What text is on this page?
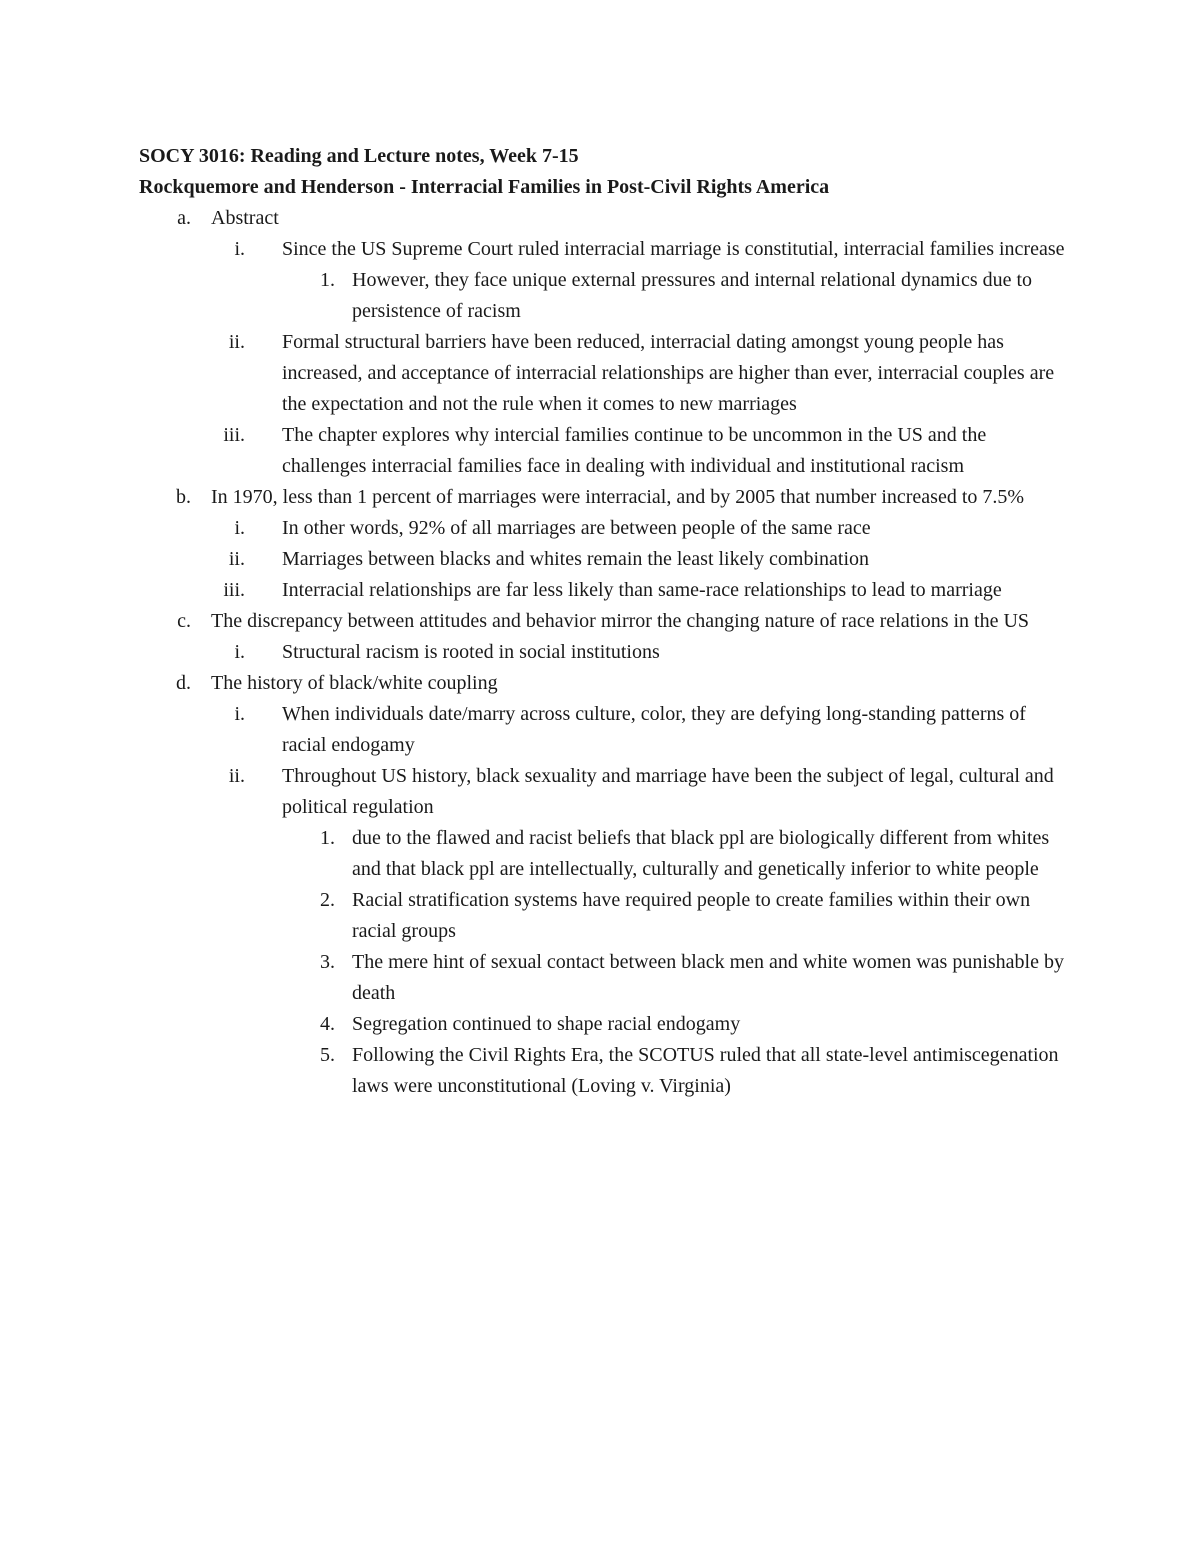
SOCY 3016: Reading and Lecture notes, Week 7-15
Rockquemore and Henderson - Interracial Families in Post-Civil Rights America
a. Abstract
i. Since the US Supreme Court ruled interracial marriage is constitutial, interracial families increase
1. However, they face unique external pressures and internal relational dynamics due to persistence of racism
ii. Formal structural barriers have been reduced, interracial dating amongst young people has increased, and acceptance of interracial relationships are higher than ever, interracial couples are the expectation and not the rule when it comes to new marriages
iii. The chapter explores why intercial families continue to be uncommon in the US and the challenges interracial families face in dealing with individual and institutional racism
b. In 1970, less than 1 percent of marriages were interracial, and by 2005 that number increased to 7.5%
i. In other words, 92% of all marriages are between people of the same race
ii. Marriages between blacks and whites remain the least likely combination
iii. Interracial relationships are far less likely than same-race relationships to lead to marriage
c. The discrepancy between attitudes and behavior mirror the changing nature of race relations in the US
i. Structural racism is rooted in social institutions
d. The history of black/white coupling
i. When individuals date/marry across culture, color, they are defying long-standing patterns of racial endogamy
ii. Throughout US history, black sexuality and marriage have been the subject of legal, cultural and political regulation
1. due to the flawed and racist beliefs that black ppl are biologically different from whites and that black ppl are intellectually, culturally and genetically inferior to white people
2. Racial stratification systems have required people to create families within their own racial groups
3. The mere hint of sexual contact between black men and white women was punishable by death
4. Segregation continued to shape racial endogamy
5. Following the Civil Rights Era, the SCOTUS ruled that all state-level antimiscegenation laws were unconstitutional (Loving v. Virginia)
